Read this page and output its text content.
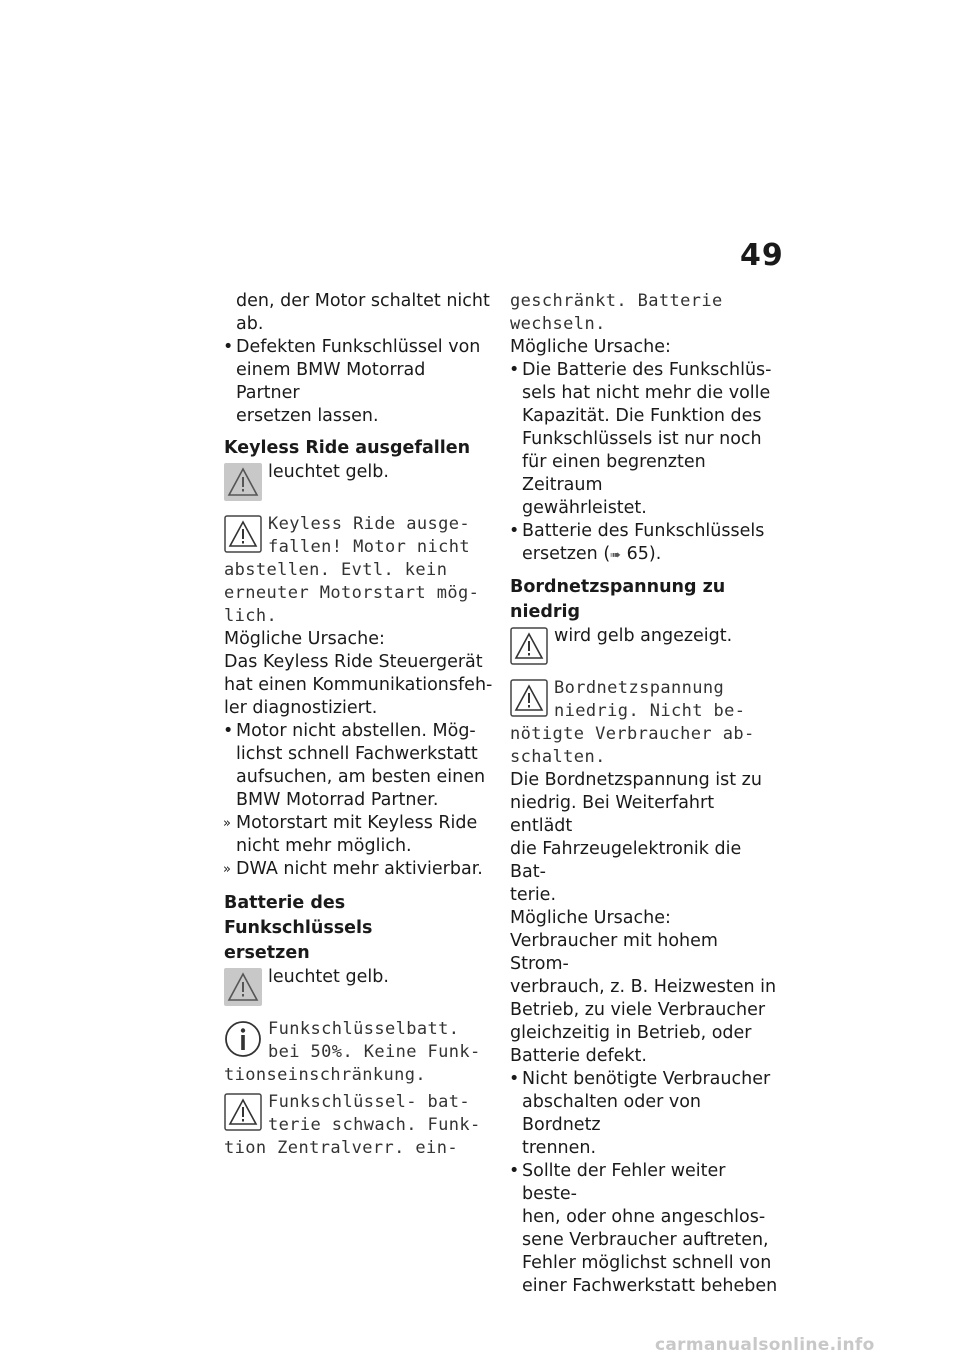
49
den, der Motor schaltet nicht
ab.
• Defekten Funkschlüssel von
einem BMW Motorrad Partner
ersetzen lassen.
Keyless Ride ausgefallen
leuchtet gelb.
Keyless Ride ausge-
fallen! Motor nicht
abstellen. Evtl. kein
erneuter Motorstart mög-
lich.
Mögliche Ursache:
Das Keyless Ride Steuergerät
hat einen Kommunikationsfeh-
ler diagnostiziert.
• Motor nicht abstellen. Mög-
lichst schnell Fachwerkstatt
aufsuchen, am besten einen
BMW Motorrad Partner.
» Motorstart mit Keyless Ride
nicht mehr möglich.
» DWA nicht mehr aktivierbar.
Batterie des Funkschlüssels
ersetzen
leuchtet gelb.
Funkschlüsselbatt.
bei 50%. Keine Funk-
tionseinschränkung.
Funkschlüssel- bat-
terie schwach. Funk-
tion Zentralverr. ein-
geschränkt. Batterie
wechseln.
Mögliche Ursache:
• Die Batterie des Funkschlüs-
sels hat nicht mehr die volle
Kapazität. Die Funktion des
Funkschlüssels ist nur noch
für einen begrenzten Zeitraum
gewährleistet.
• Batterie des Funkschlüssels
ersetzen (➠ 65).
Bordnetzspannung zu niedrig
wird gelb angezeigt.
Bordnetzspannung
niedrig. Nicht be-
nötigte Verbraucher ab-
schalten.
Die Bordnetzspannung ist zu
niedrig. Bei Weiterfahrt entlädt
die Fahrzeugelektronik die Bat-
terie.
Mögliche Ursache:
Verbraucher mit hohem Strom-
verbrauch, z. B. Heizwesten in
Betrieb, zu viele Verbraucher
gleichzeitig in Betrieb, oder
Batterie defekt.
• Nicht benötigte Verbraucher
abschalten oder von Bordnetz
trennen.
• Sollte der Fehler weiter beste-
hen, oder ohne angeschlos-
sene Verbraucher auftreten,
Fehler möglichst schnell von
einer Fachwerkstatt beheben
carmanualsonline.info
